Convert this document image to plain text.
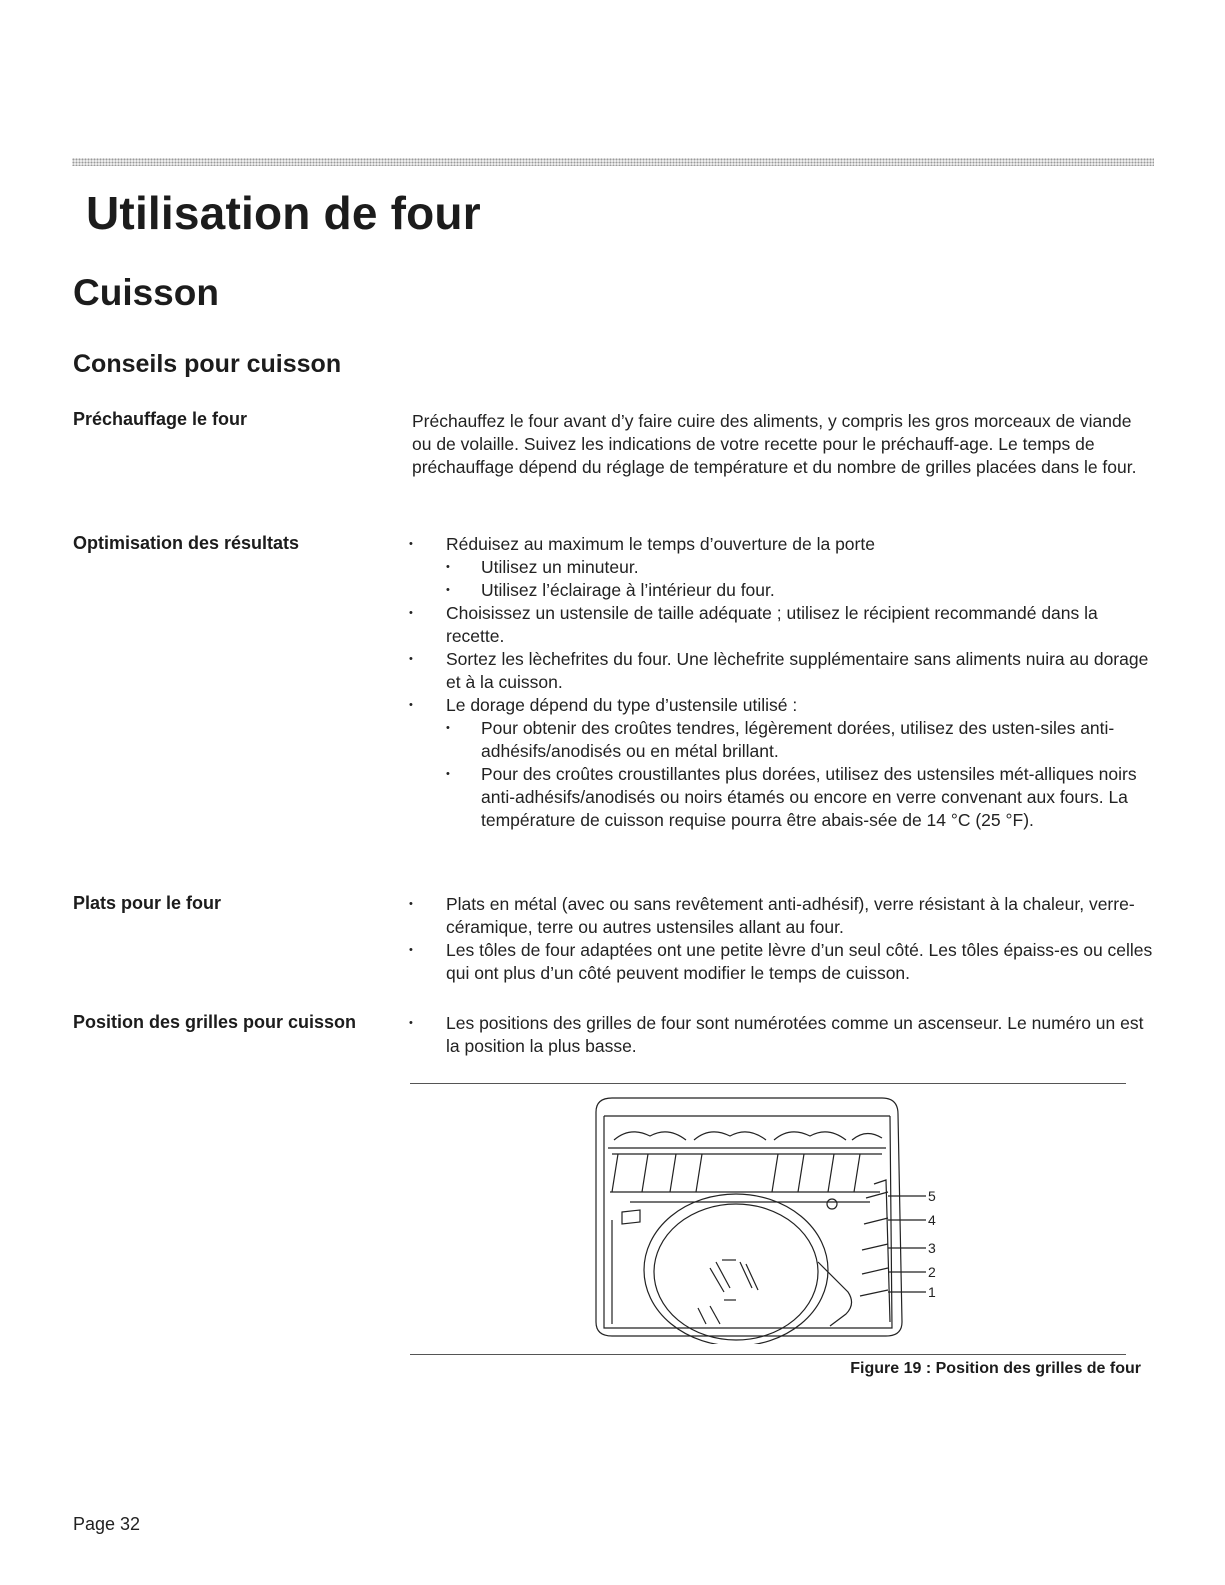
Utilisation de four
Cuisson
Conseils pour cuisson

Préchauffage le four	Préchauffez le four avant d’y faire cuire des aliments, y compris les gros morceaux de viande ou de volaille. Suivez les indications de votre recette pour le préchauff-age. Le temps de préchauffage dépend du réglage de température et du nombre de grilles placées dans le four.

Optimisation des résultats	• Réduisez au maximum le temps d’ouverture de la porte
• Utilisez un minuteur.
• Utilisez l’éclairage à l’intérieur du four.
• Choisissez un ustensile de taille adéquate ; utilisez le récipient recommandé dans la recette.
• Sortez les lèchefrites du four. Une lèchefrite supplémentaire sans aliments nuira au dorage et à la cuisson.
• Le dorage dépend du type d’ustensile utilisé :
• Pour obtenir des croûtes tendres, légèrement dorées, utilisez des usten-siles anti-adhésifs/anodisés ou en métal brillant.
• Pour des croûtes croustillantes plus dorées, utilisez des ustensiles mét-alliques noirs anti-adhésifs/anodisés ou noirs étamés ou encore en verre convenant aux fours. La température de cuisson requise pourra être abais-sée de 14 °C (25 °F).

Plats pour le four	• Plats en métal (avec ou sans revêtement anti-adhésif), verre résistant à la chaleur, verre-céramique, terre ou autres ustensiles allant au four.
• Les tôles de four adaptées ont une petite lèvre d’un seul côté. Les tôles épaiss-es ou celles qui ont plus d’un côté peuvent modifier le temps de cuisson.

Position des grilles pour cuisson	• Les positions des grilles de four sont numérotées comme un ascenseur. Le numéro un est la position la plus basse.
5
4
3
2
1

Figure 19 : Position des grilles de four

Page 32
